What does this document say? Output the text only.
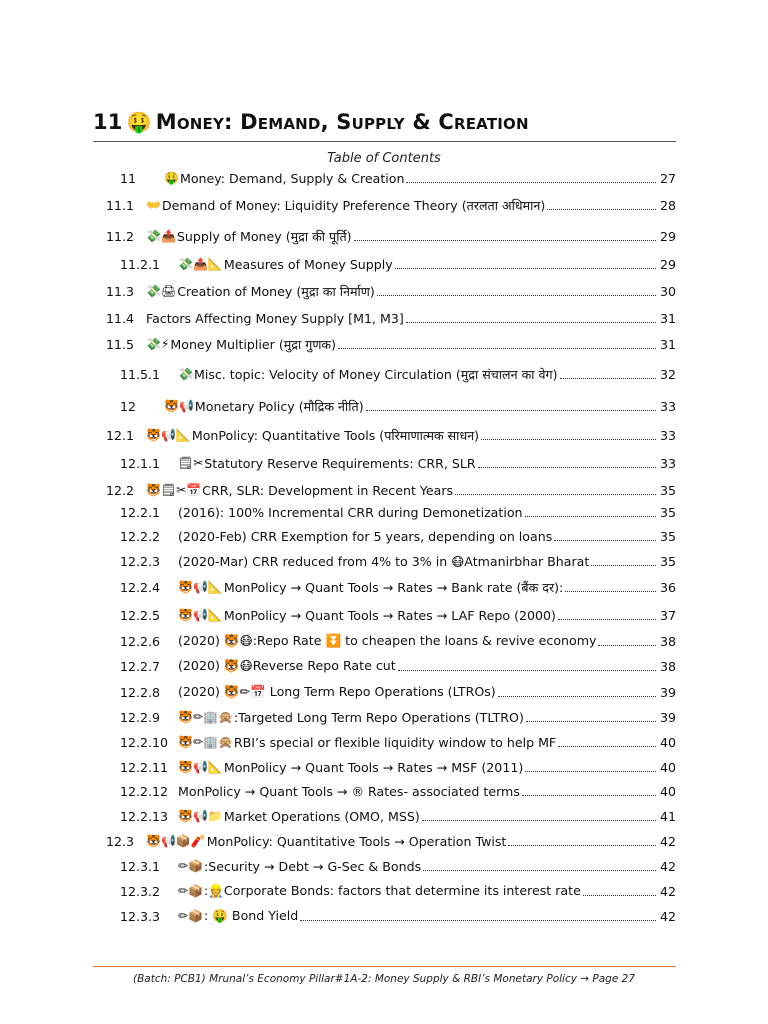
11 🤑 Money: Demand, Supply & Creation
Table of Contents
11	🤑 Money: Demand, Supply & Creation	27
11.1 👐 Demand of Money: Liquidity Preference Theory (तरलता अधिमान)	28
11.2 💸📤 Supply of Money (मुद्रा की पूर्ति)	29
11.2.1	💸📤📐 Measures of Money Supply	29
11.3 💸🖨 Creation of Money (मुद्रा का निर्माण)	30
11.4 Factors Affecting Money Supply [M1, M3]	31
11.5 💸⚡ Money Multiplier (मुद्रा गुणक)	31
11.5.1	💸 Misc. topic: Velocity of Money Circulation (मुद्रा संचालन का वेग)	32
12	🐯📢 Monetary Policy (मौद्रिक नीति)	33
12.1 🐯📢📐 MonPolicy: Quantitative Tools (परिमाणात्मक साधन)	33
12.1.1	🗒✂ Statutory Reserve Requirements: CRR, SLR	33
12.2 🐯🗒✂📅 CRR, SLR: Development in Recent Years	35
12.2.1	(2016): 100% Incremental CRR during Demonetization	35
12.2.2	(2020-Feb) CRR Exemption for 5 years, depending on loans	35
12.2.3	(2020-Mar) CRR reduced from 4% to 3% in 😷Atmanirbhar Bharat	35
12.2.4	🐯📢📐 MonPolicy → Quant Tools → Rates → Bank rate (बैंक दर):	36
12.2.5	🐯📢📐 MonPolicy → Quant Tools → Rates → LAF Repo (2000)	37
12.2.6	(2020) 🐯😷:Repo Rate ⏬ to cheapen the loans & revive economy	38
12.2.7	(2020) 🐯😷Reverse Repo Rate cut	38
12.2.8	(2020) 🐯✏📅 Long Term Repo Operations (LTROs)	39
12.2.9	🐯✏🏢🙊 :Targeted Long Term Repo Operations (TLTRO)	39
12.2.10 🐯✏🏢🙊 RBI’s special or flexible liquidity window to help MF	40
12.2.11 🐯📢📐 MonPolicy → Quant Tools → Rates → MSF (2011)	40
12.2.12 MonPolicy → Quant Tools → ® Rates- associated terms	40
12.2.13 🐯📢📁 Market Operations (OMO, MSS)	41
12.3 🐯📢📦🧨 MonPolicy: Quantitative Tools → Operation Twist	42
12.3.1	✏📦 :Security → Debt → G-Sec & Bonds	42
12.3.2	✏📦 :👷Corporate Bonds: factors that determine its interest rate	42
12.3.3	✏📦 : 🤑 Bond Yield	42
(Batch: PCB1) Mrunal’s Economy Pillar#1A-2: Money Supply & RBI’s Monetary Policy → Page 27
